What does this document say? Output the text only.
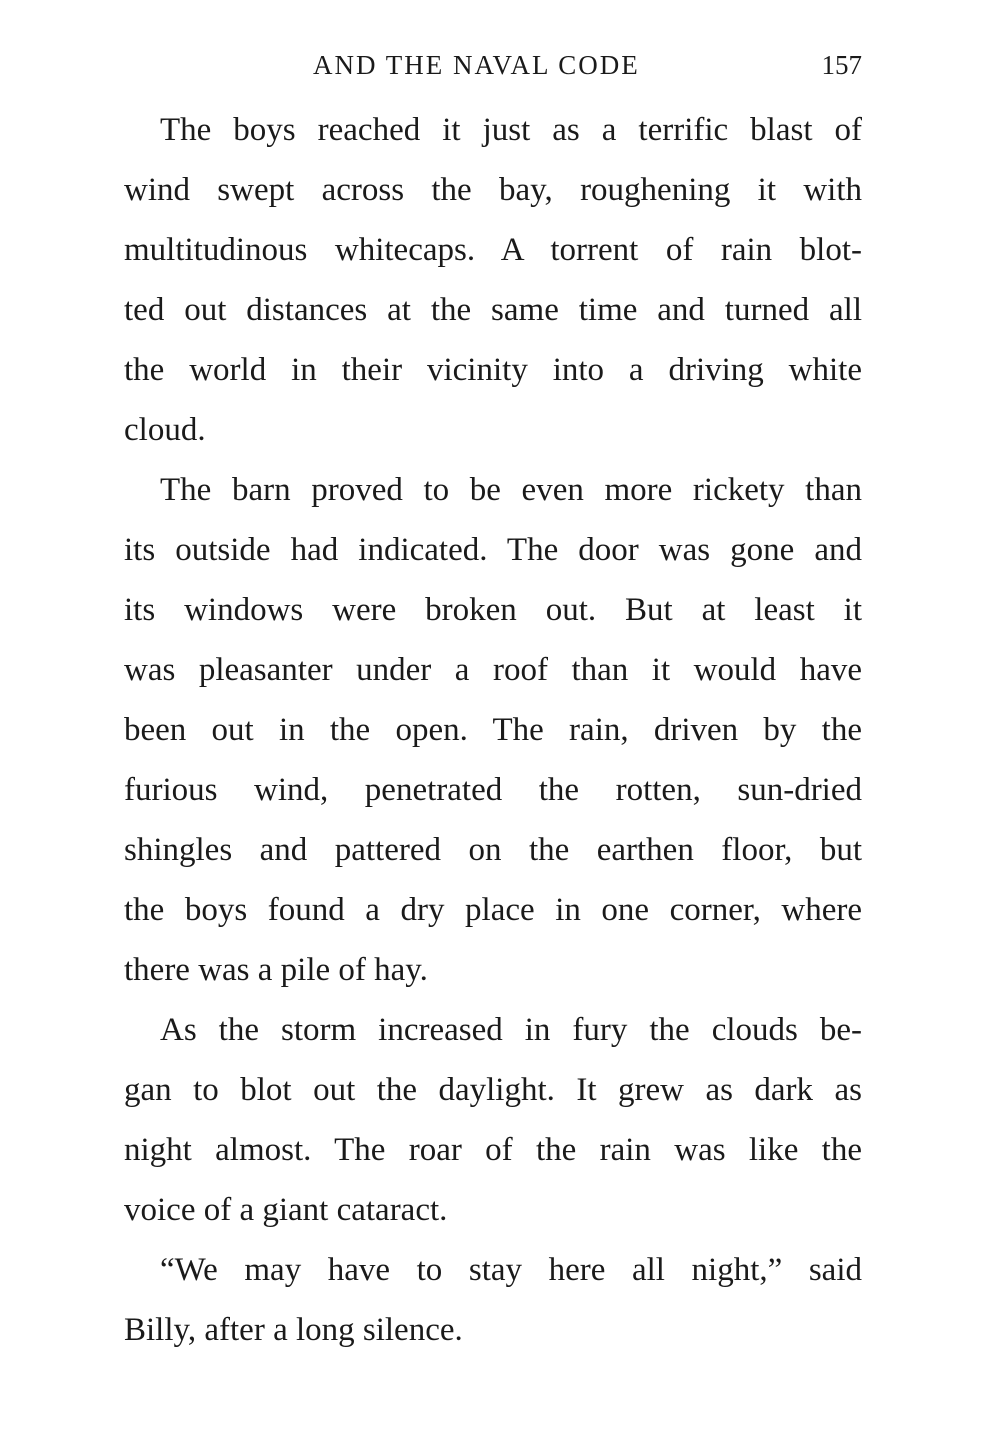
AND THE NAVAL CODE	157
The boys reached it just as a terrific blast of
wind swept across the bay, roughening it with
multitudinous whitecaps. A torrent of rain blot-
ted out distances at the same time and turned all
the world in their vicinity into a driving white
cloud.
The barn proved to be even more rickety than
its outside had indicated. The door was gone and
its windows were broken out. But at least it
was pleasanter under a roof than it would have
been out in the open. The rain, driven by the
furious wind, penetrated the rotten, sun-dried
shingles and pattered on the earthen floor, but
the boys found a dry place in one corner, where
there was a pile of hay.
As the storm increased in fury the clouds be-
gan to blot out the daylight. It grew as dark as
night almost. The roar of the rain was like the
voice of a giant cataract.
“We may have to stay here all night,” said
Billy, after a long silence.
